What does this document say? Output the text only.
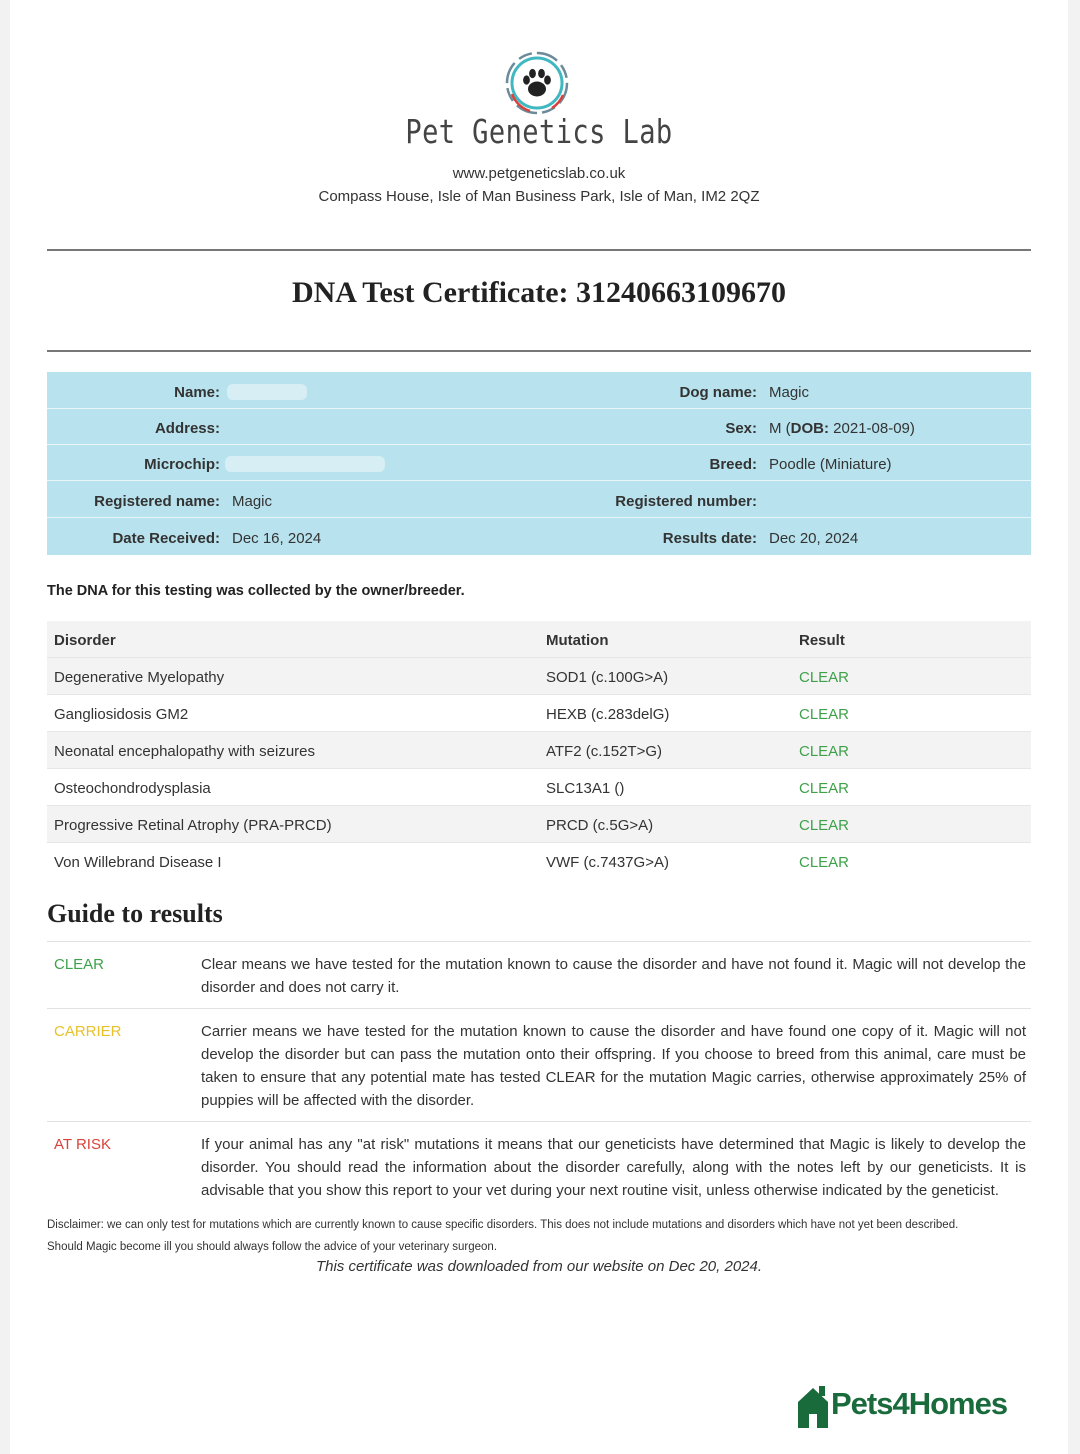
Pet Genetics Lab
www.petgeneticslab.co.uk
Compass House, Isle of Man Business Park, Isle of Man, IM2 2QZ
DNA Test Certificate: 31240663109670
Name:	Dog name: Magic
Address:	Sex: M (DOB: 2021-08-09)
Microchip:	Breed: Poodle (Miniature)
Registered name: Magic	Registered number:
Date Received: Dec 16, 2024	Results date: Dec 20, 2024
The DNA for this testing was collected by the owner/breeder.
Disorder	Mutation	Result
Degenerative Myelopathy	SOD1 (c.100G>A)	CLEAR
Gangliosidosis GM2	HEXB (c.283delG)	CLEAR
Neonatal encephalopathy with seizures	ATF2 (c.152T>G)	CLEAR
Osteochondrodysplasia	SLC13A1 ()	CLEAR
Progressive Retinal Atrophy (PRA-PRCD)	PRCD (c.5G>A)	CLEAR
Von Willebrand Disease I	VWF (c.7437G>A)	CLEAR
Guide to results
CLEAR	Clear means we have tested for the mutation known to cause the disorder and have not found it. Magic will not develop the disorder and does not carry it.
CARRIER	Carrier means we have tested for the mutation known to cause the disorder and have found one copy of it. Magic will not develop the disorder but can pass the mutation onto their offspring. If you choose to breed from this animal, care must be taken to ensure that any potential mate has tested CLEAR for the mutation Magic carries, otherwise approximately 25% of puppies will be affected with the disorder.
AT RISK	If your animal has any "at risk" mutations it means that our geneticists have determined that Magic is likely to develop the disorder. You should read the information about the disorder carefully, along with the notes left by our geneticists. It is advisable that you show this report to your vet during your next routine visit, unless otherwise indicated by the geneticist.
Disclaimer: we can only test for mutations which are currently known to cause specific disorders. This does not include mutations and disorders which have not yet been described.
Should Magic become ill you should always follow the advice of your veterinary surgeon.
This certificate was downloaded from our website on Dec 20, 2024.
Pets4Homes
